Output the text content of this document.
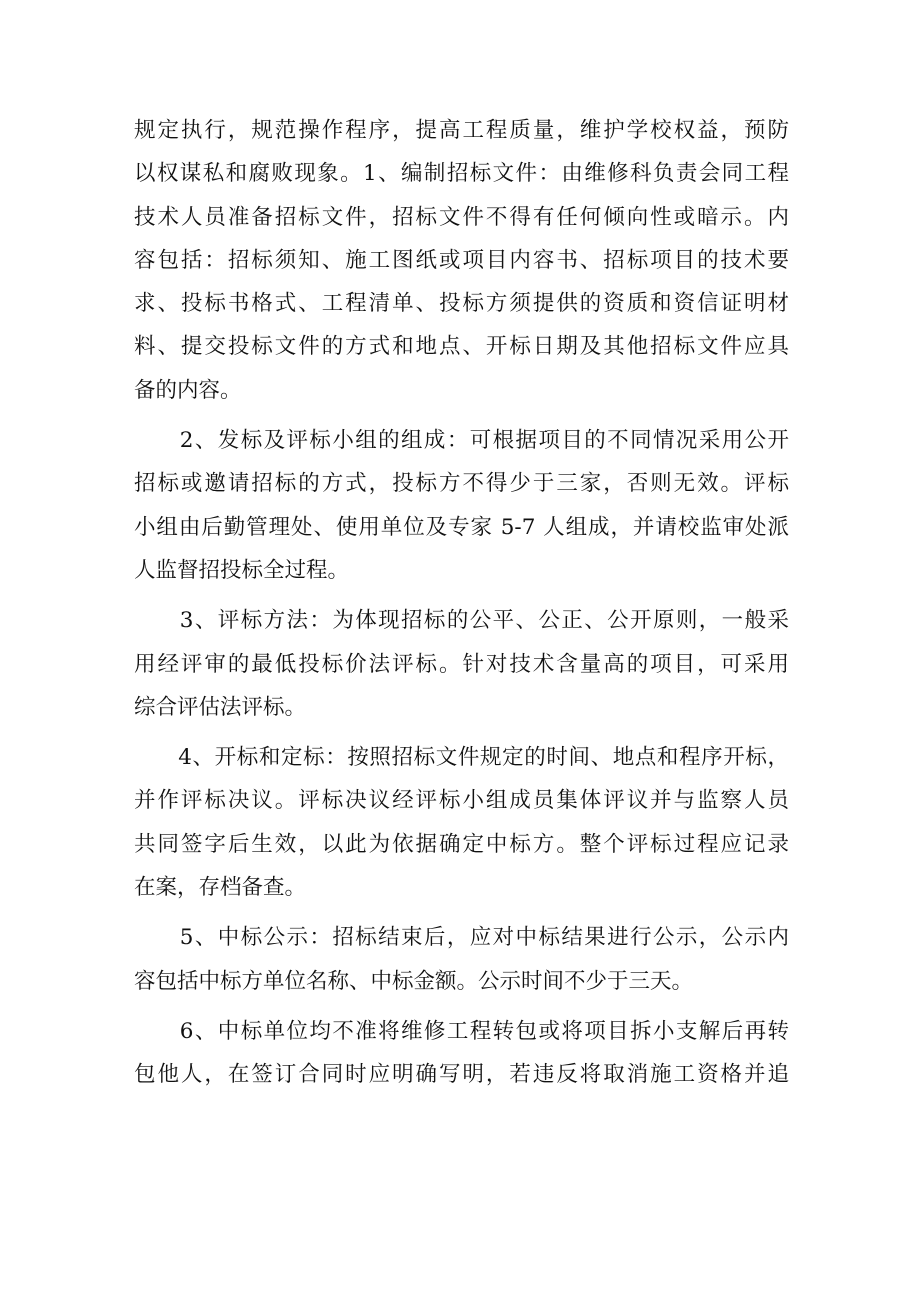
规定执行，规范操作程序，提高工程质量，维护学校权益，预防
以权谋私和腐败现象。1、编制招标文件：由维修科负责会同工程
技术人员准备招标文件，招标文件不得有任何倾向性或暗示。内
容包括：招标须知、施工图纸或项目内容书、招标项目的技术要
求、投标书格式、工程清单、投标方须提供的资质和资信证明材
料、提交投标文件的方式和地点、开标日期及其他招标文件应具
备的内容。
　　2、发标及评标小组的组成：可根据项目的不同情况采用公开
招标或邀请招标的方式，投标方不得少于三家，否则无效。评标
小组由后勤管理处、使用单位及专家 5-7 人组成，并请校监审处派
人监督招投标全过程。
　　3、评标方法：为体现招标的公平、公正、公开原则，一般采
用经评审的最低投标价法评标。针对技术含量高的项目，可采用
综合评估法评标。
　　4、开标和定标：按照招标文件规定的时间、地点和程序开标，
并作评标决议。评标决议经评标小组成员集体评议并与监察人员
共同签字后生效，以此为依据确定中标方。整个评标过程应记录
在案，存档备查。
　　5、中标公示：招标结束后，应对中标结果进行公示，公示内
容包括中标方单位名称、中标金额。公示时间不少于三天。
　　6、中标单位均不准将维修工程转包或将项目拆小支解后再转
包他人，在签订合同时应明确写明，若违反将取消施工资格并追
